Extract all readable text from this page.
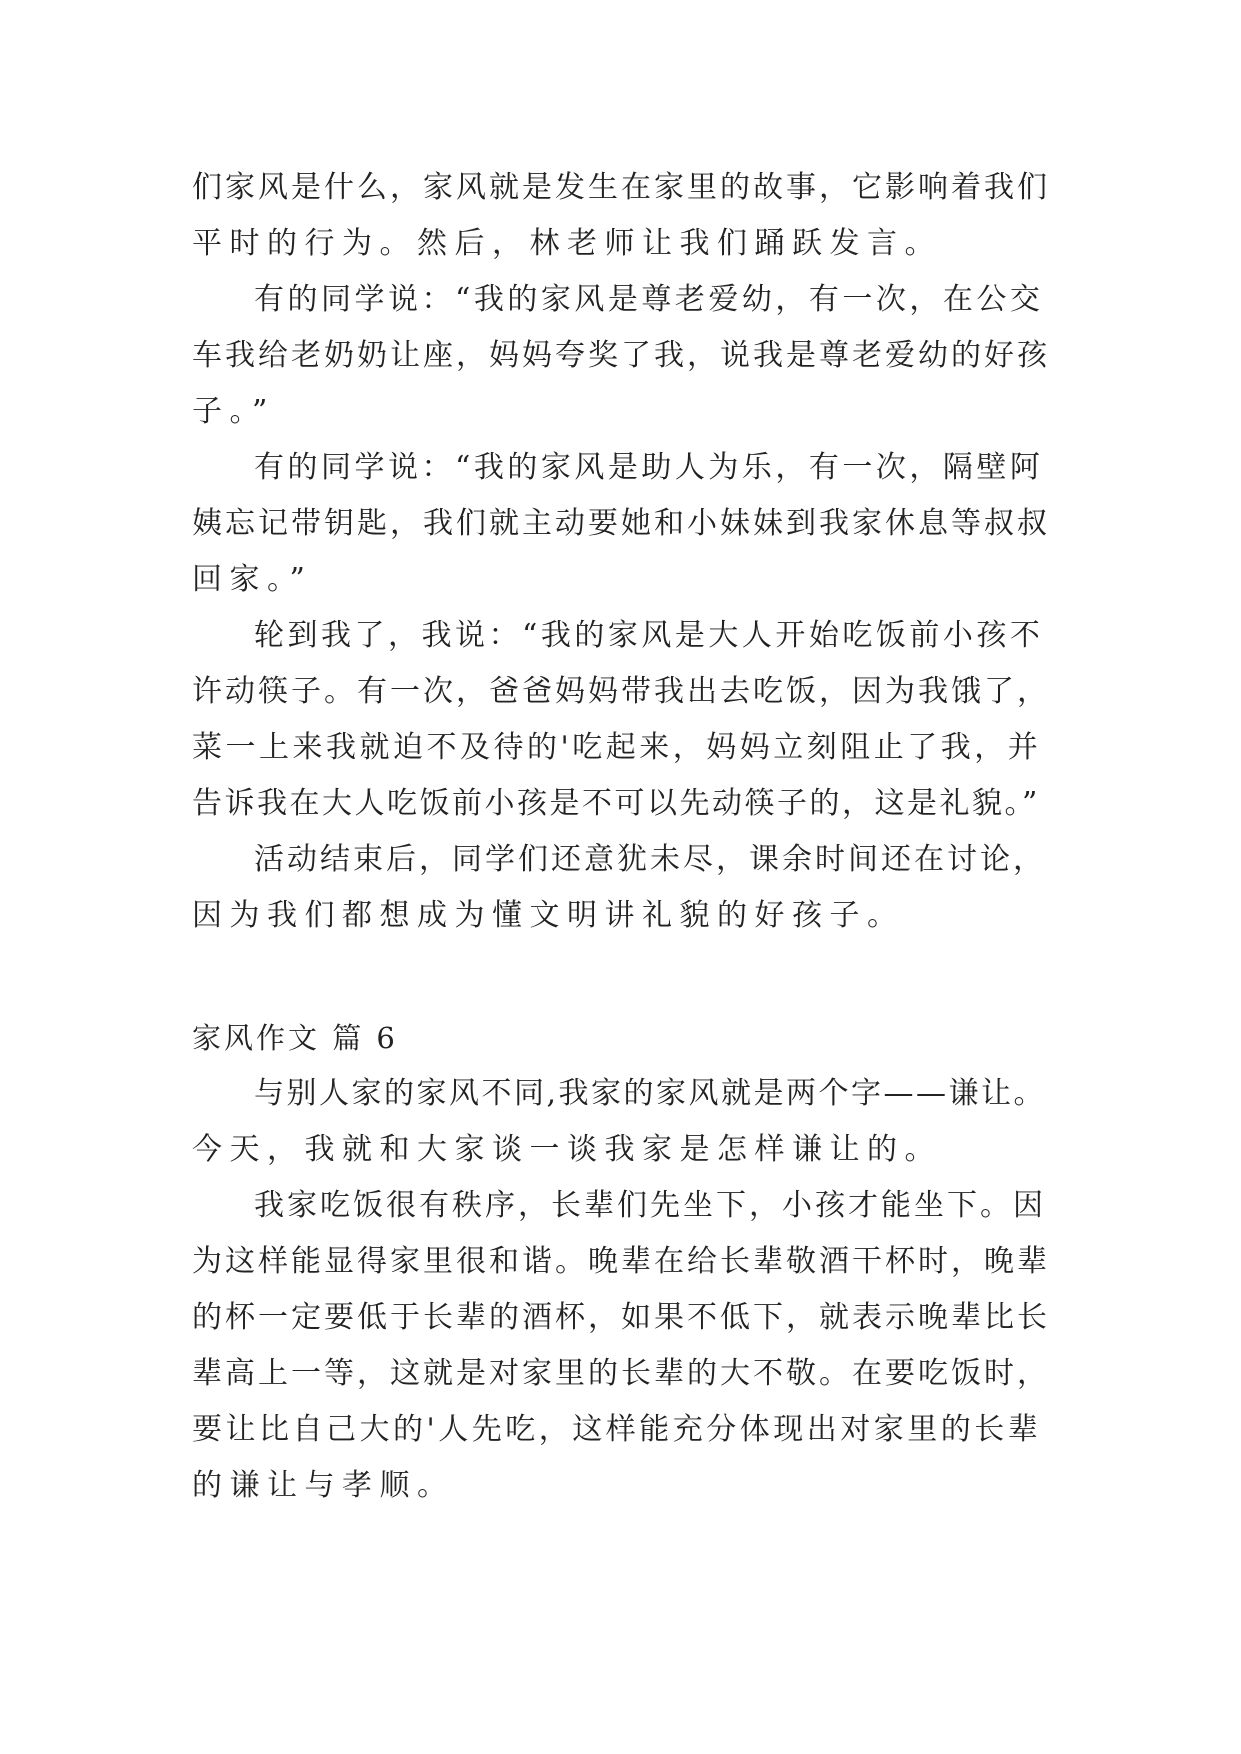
们家风是什么，家风就是发生在家里的故事，它影响着我们
平时的行为。然后，林老师让我们踊跃发言。
有的同学说：“我的家风是尊老爱幼，有一次，在公交
车我给老奶奶让座，妈妈夸奖了我，说我是尊老爱幼的好孩
子。”
有的同学说：“我的家风是助人为乐，有一次，隔壁阿
姨忘记带钥匙，我们就主动要她和小妹妹到我家休息等叔叔
回家。”
轮到我了，我说：“我的家风是大人开始吃饭前小孩不
许动筷子。有一次，爸爸妈妈带我出去吃饭，因为我饿了，
菜一上来我就迫不及待的'吃起来，妈妈立刻阻止了我，并
告诉我在大人吃饭前小孩是不可以先动筷子的，这是礼貌。”
活动结束后，同学们还意犹未尽，课余时间还在讨论，
因为我们都想成为懂文明讲礼貌的好孩子。
家风作文 篇 6
与别人家的家风不同,我家的家风就是两个字——谦让。
今天，我就和大家谈一谈我家是怎样谦让的。
我家吃饭很有秩序，长辈们先坐下，小孩才能坐下。因
为这样能显得家里很和谐。晚辈在给长辈敬酒干杯时，晚辈
的杯一定要低于长辈的酒杯，如果不低下，就表示晚辈比长
辈高上一等，这就是对家里的长辈的大不敬。在要吃饭时，
要让比自己大的'人先吃，这样能充分体现出对家里的长辈
的谦让与孝顺。
